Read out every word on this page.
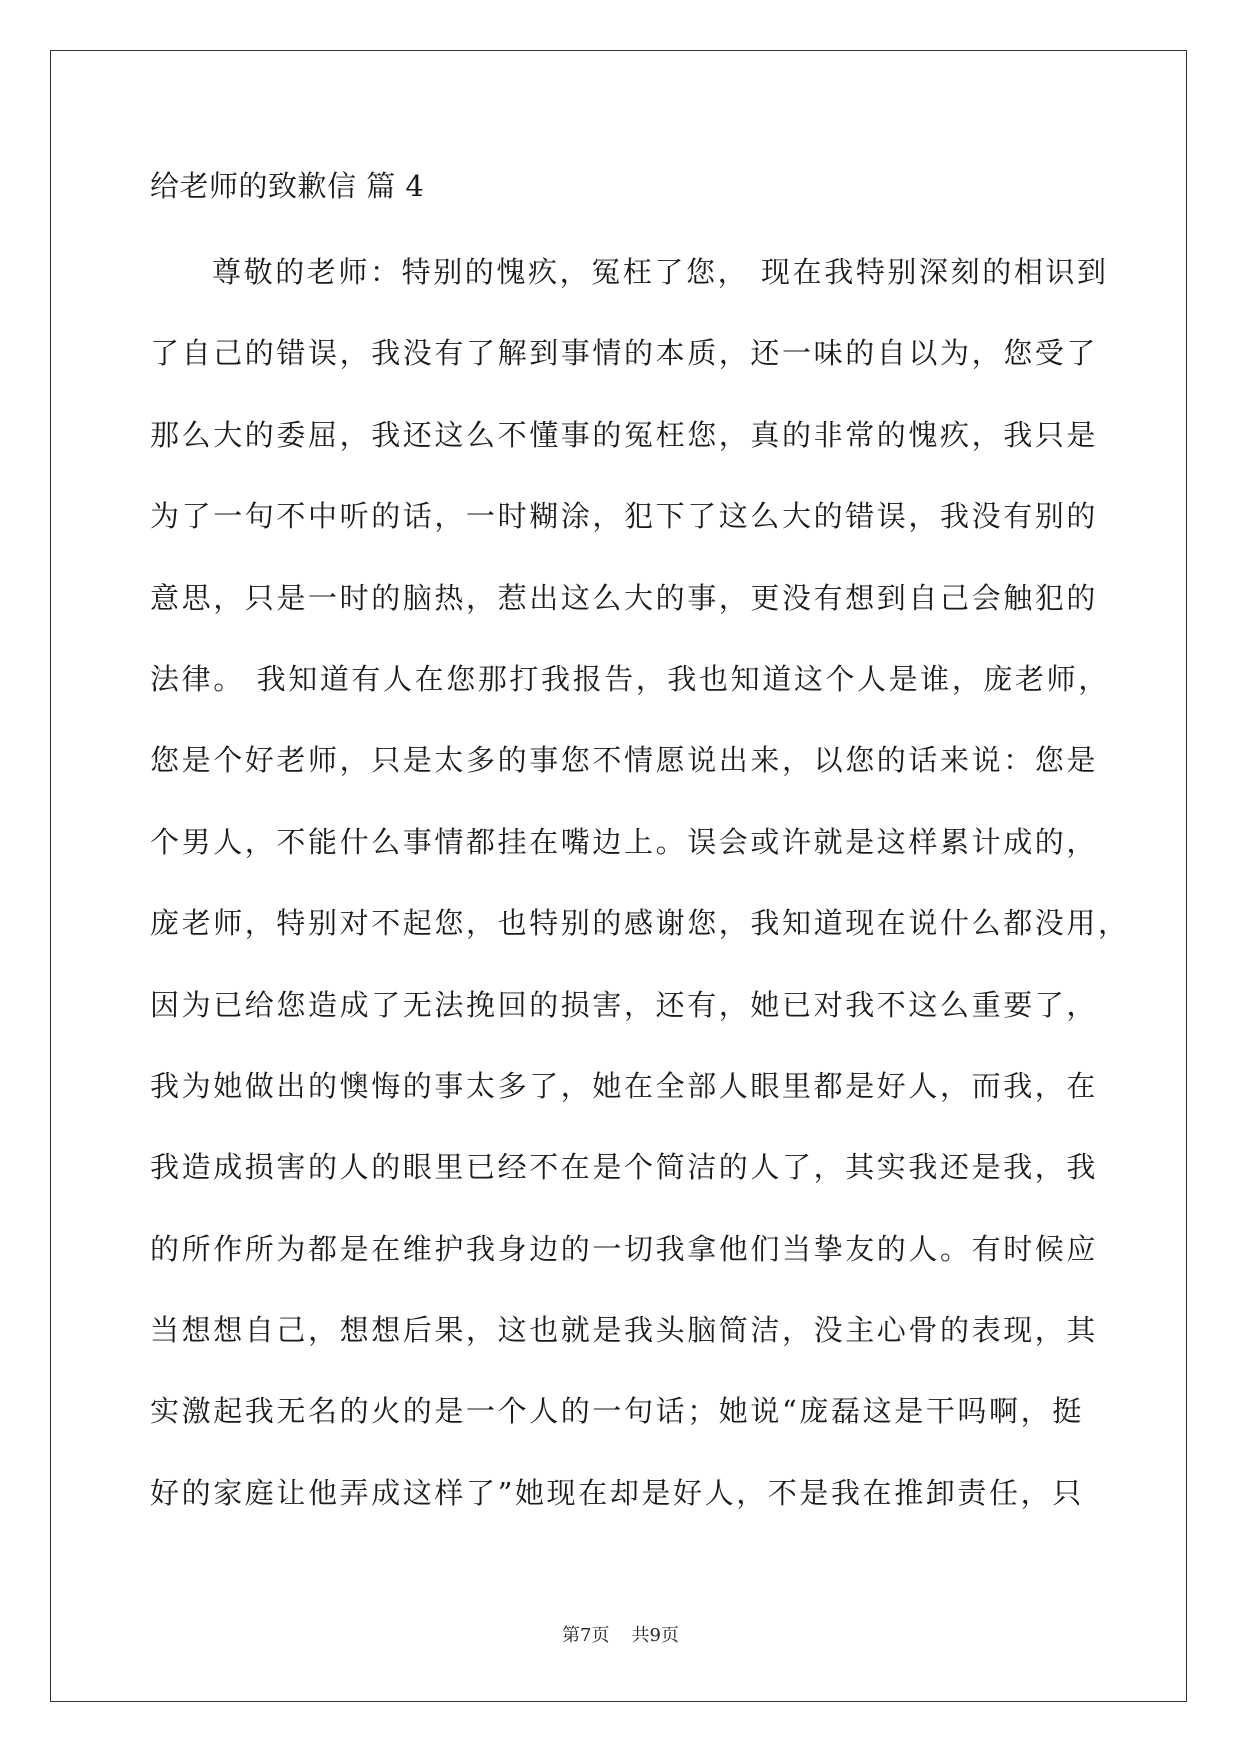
给老师的致歉信 篇 4
尊敬的老师：特别的愧疚，冤枉了您， 现在我特别深刻的相识到
了自己的错误，我没有了解到事情的本质，还一味的自以为，您受了
那么大的委屈，我还这么不懂事的冤枉您，真的非常的愧疚，我只是
为了一句不中听的话，一时糊涂，犯下了这么大的错误，我没有别的
意思，只是一时的脑热，惹出这么大的事，更没有想到自己会触犯的
法律。 我知道有人在您那打我报告，我也知道这个人是谁，庞老师，
您是个好老师，只是太多的事您不情愿说出来，以您的话来说：您是
个男人，不能什么事情都挂在嘴边上。误会或许就是这样累计成的，
庞老师，特别对不起您，也特别的感谢您，我知道现在说什么都没用，
因为已给您造成了无法挽回的损害，还有，她已对我不这么重要了，
我为她做出的懊悔的事太多了，她在全部人眼里都是好人，而我，在
我造成损害的人的眼里已经不在是个简洁的人了，其实我还是我，我
的所作所为都是在维护我身边的一切我拿他们当挚友的人。有时候应
当想想自己，想想后果，这也就是我头脑简洁，没主心骨的表现，其
实激起我无名的火的是一个人的一句话；她说“庞磊这是干吗啊，挺
好的家庭让他弄成这样了”她现在却是好人，不是我在推卸责任，只
第7页 共9页
